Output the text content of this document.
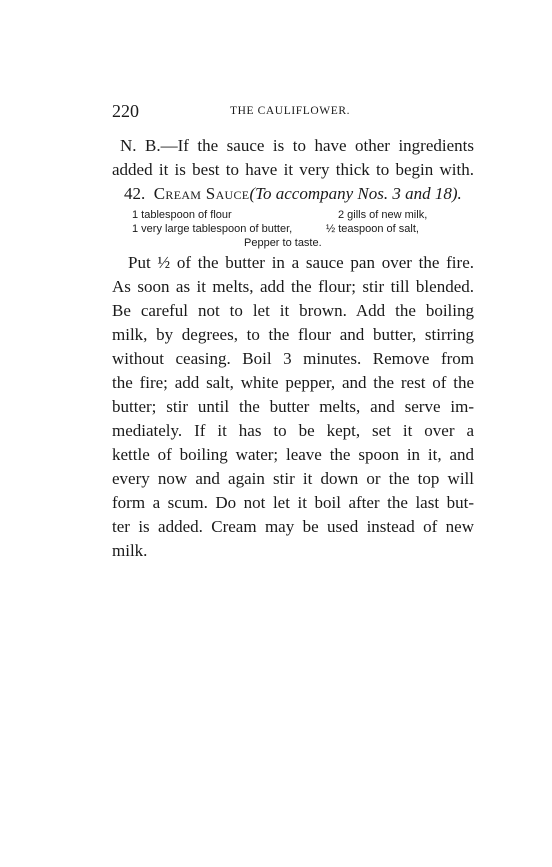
220	THE CAULIFLOWER.
N. B.—If the sauce is to have other ingredients
added it is best to have it very thick to begin with.
42. Cream Sauce(To accompany Nos. 3 and 18).
1 tablespoon of flour	2 gills of new milk,
1 very large tablespoon of butter,	½ teaspoon of salt,
Pepper to taste.
Put ½ of the butter in a sauce pan over the fire.
As soon as it melts, add the flour; stir till blended.
Be careful not to let it brown. Add the boiling
milk, by degrees, to the flour and butter, stirring
without ceasing. Boil 3 minutes. Remove from
the fire; add salt, white pepper, and the rest of the
butter; stir until the butter melts, and serve im-
mediately. If it has to be kept, set it over a
kettle of boiling water; leave the spoon in it, and
every now and again stir it down or the top will
form a scum. Do not let it boil after the last but-
ter is added. Cream may be used instead of new
milk.
